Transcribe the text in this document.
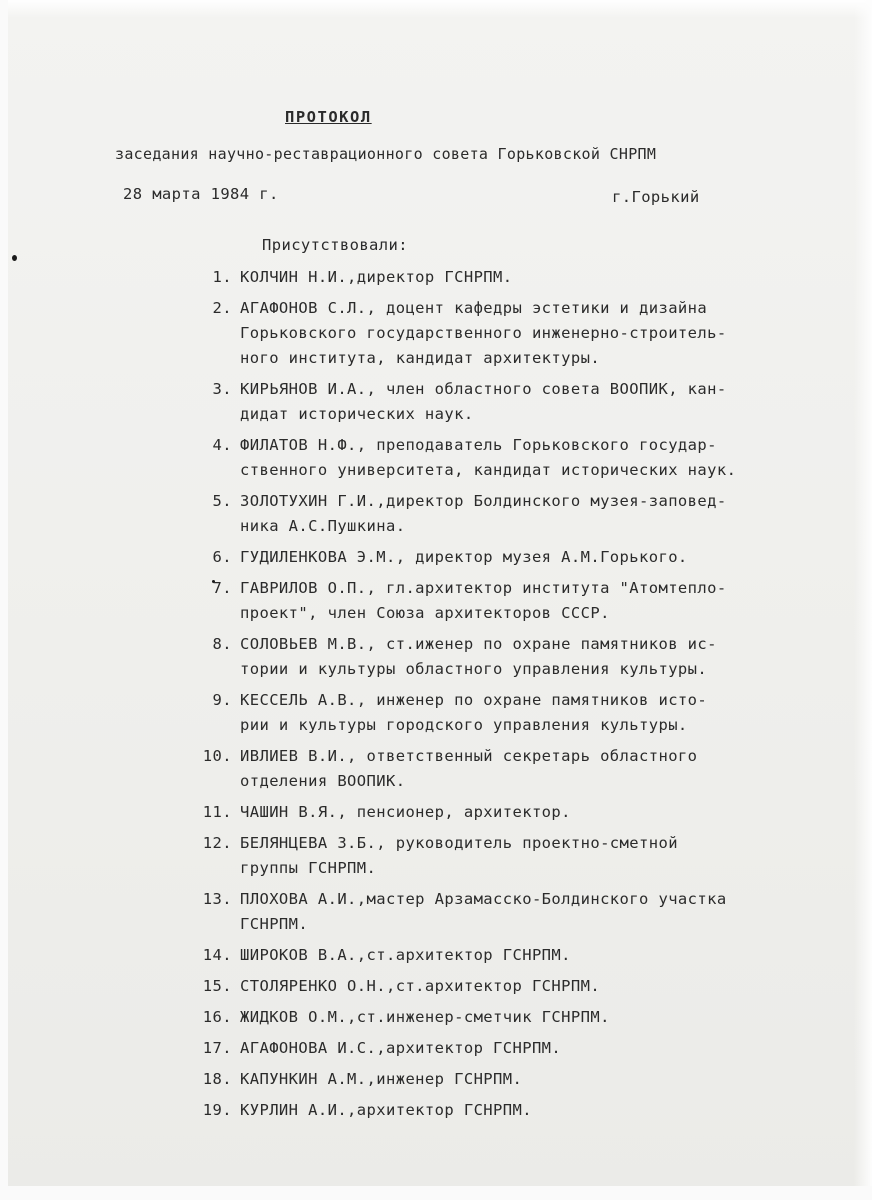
ПРОТОКОЛ
заседания научно-реставрационного совета Горьковской СНРПМ
28 марта 1984 г.	г.Горький
Присутствовали:
1. КОЛЧИН Н.И.,директор ГСНРПМ.
2. АГАФОНОВ С.Л., доцент кафедры эстетики и дизайна
Горьковского государственного инженерно-строитель-
ного института, кандидат архитектуры.
3. КИРЬЯНОВ И.А., член областного совета ВООПИК, кан-
дидат исторических наук.
4. ФИЛАТОВ Н.Ф., преподаватель Горьковского государ-
ственного университета, кандидат исторических наук.
5. ЗОЛОТУХИН Г.И.,директор Болдинского музея-заповед-
ника А.С.Пушкина.
6. ГУДИЛЕНКОВА Э.М., директор музея А.М.Горького.
7. ГАВРИЛОВ О.П., гл.архитектор института "Атомтепло-
проект", член Союза архитекторов СССР.
8. СОЛОВЬЕВ М.В., ст.иженер по охране памятников ис-
тории и культуры областного управления культуры.
9. КЕССЕЛЬ А.В., инженер по охране памятников исто-
рии и культуры городского управления культуры.
10. ИВЛИЕВ В.И., ответственный секретарь областного
отделения ВООПИК.
11. ЧАШИН В.Я., пенсионер, архитектор.
12. БЕЛЯНЦЕВА З.Б., руководитель проектно-сметной
группы ГСНРПМ.
13. ПЛОХОВА А.И.,мастер Арзамасско-Болдинского участка
ГСНРПМ.
14. ШИРОКОВ В.А.,ст.архитектор ГСНРПМ.
15. СТОЛЯРЕНКО О.Н.,ст.архитектор ГСНРПМ.
16. ЖИДКОВ О.М.,ст.инженер-сметчик ГСНРПМ.
17. АГАФОНОВА И.С.,архитектор ГСНРПМ.
18. КАПУНКИН А.М.,инженер ГСНРПМ.
19. КУРЛИН А.И.,архитектор ГСНРПМ.
